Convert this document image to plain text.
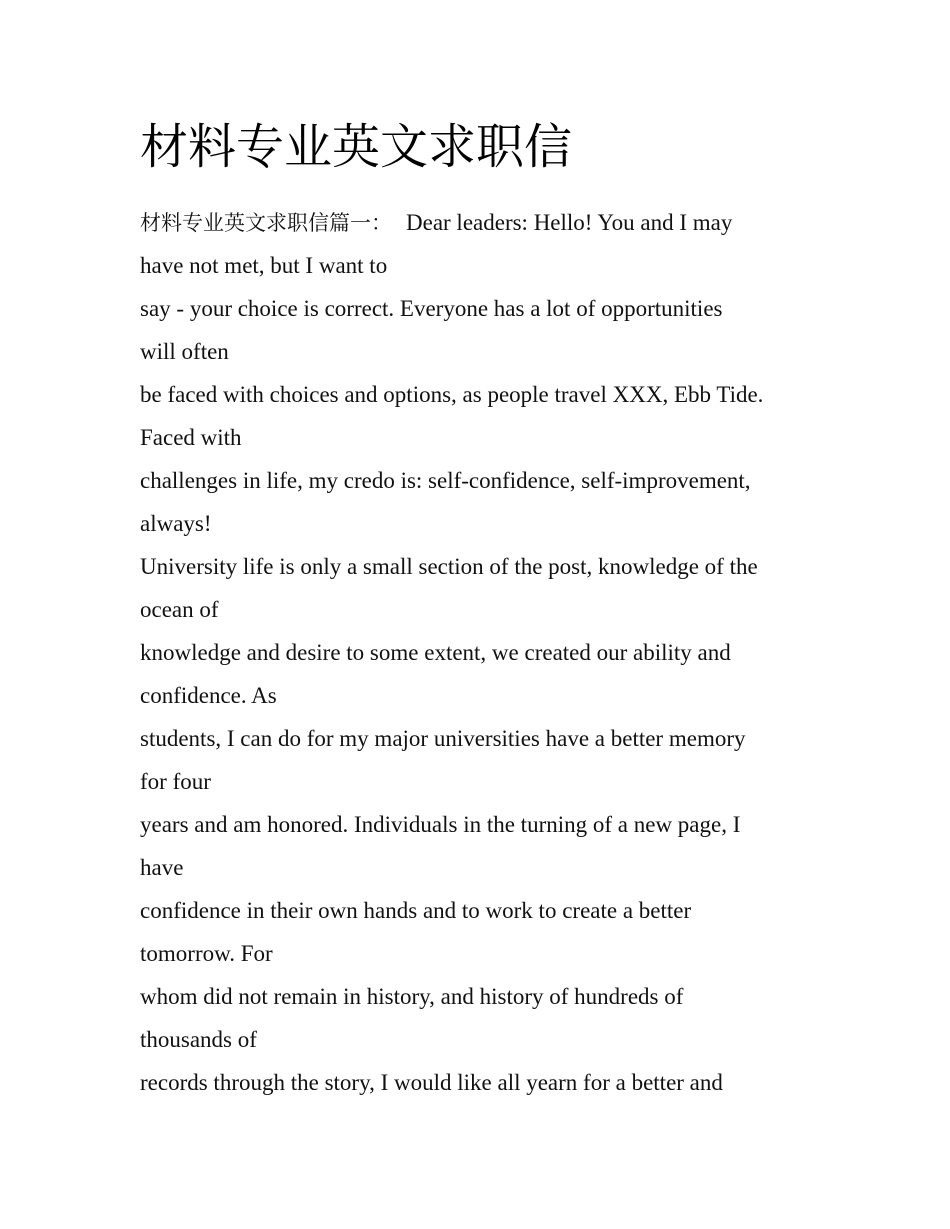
材料专业英文求职信
材料专业英文求职信篇一： Dear leaders: Hello! You and I may
have not met, but I want to
say - your choice is correct. Everyone has a lot of opportunities
will often
be faced with choices and options, as people travel XXX, Ebb Tide.
Faced with
challenges in life, my credo is: self-confidence, self-improvement,
always!
University life is only a small section of the post, knowledge of the
ocean of
knowledge and desire to some extent, we created our ability and
confidence. As
students, I can do for my major universities have a better memory
for four
years and am honored. Individuals in the turning of a new page, I
have
confidence in their own hands and to work to create a better
tomorrow. For
whom did not remain in history, and history of hundreds of
thousands of
records through the story, I would like all yearn for a better and
